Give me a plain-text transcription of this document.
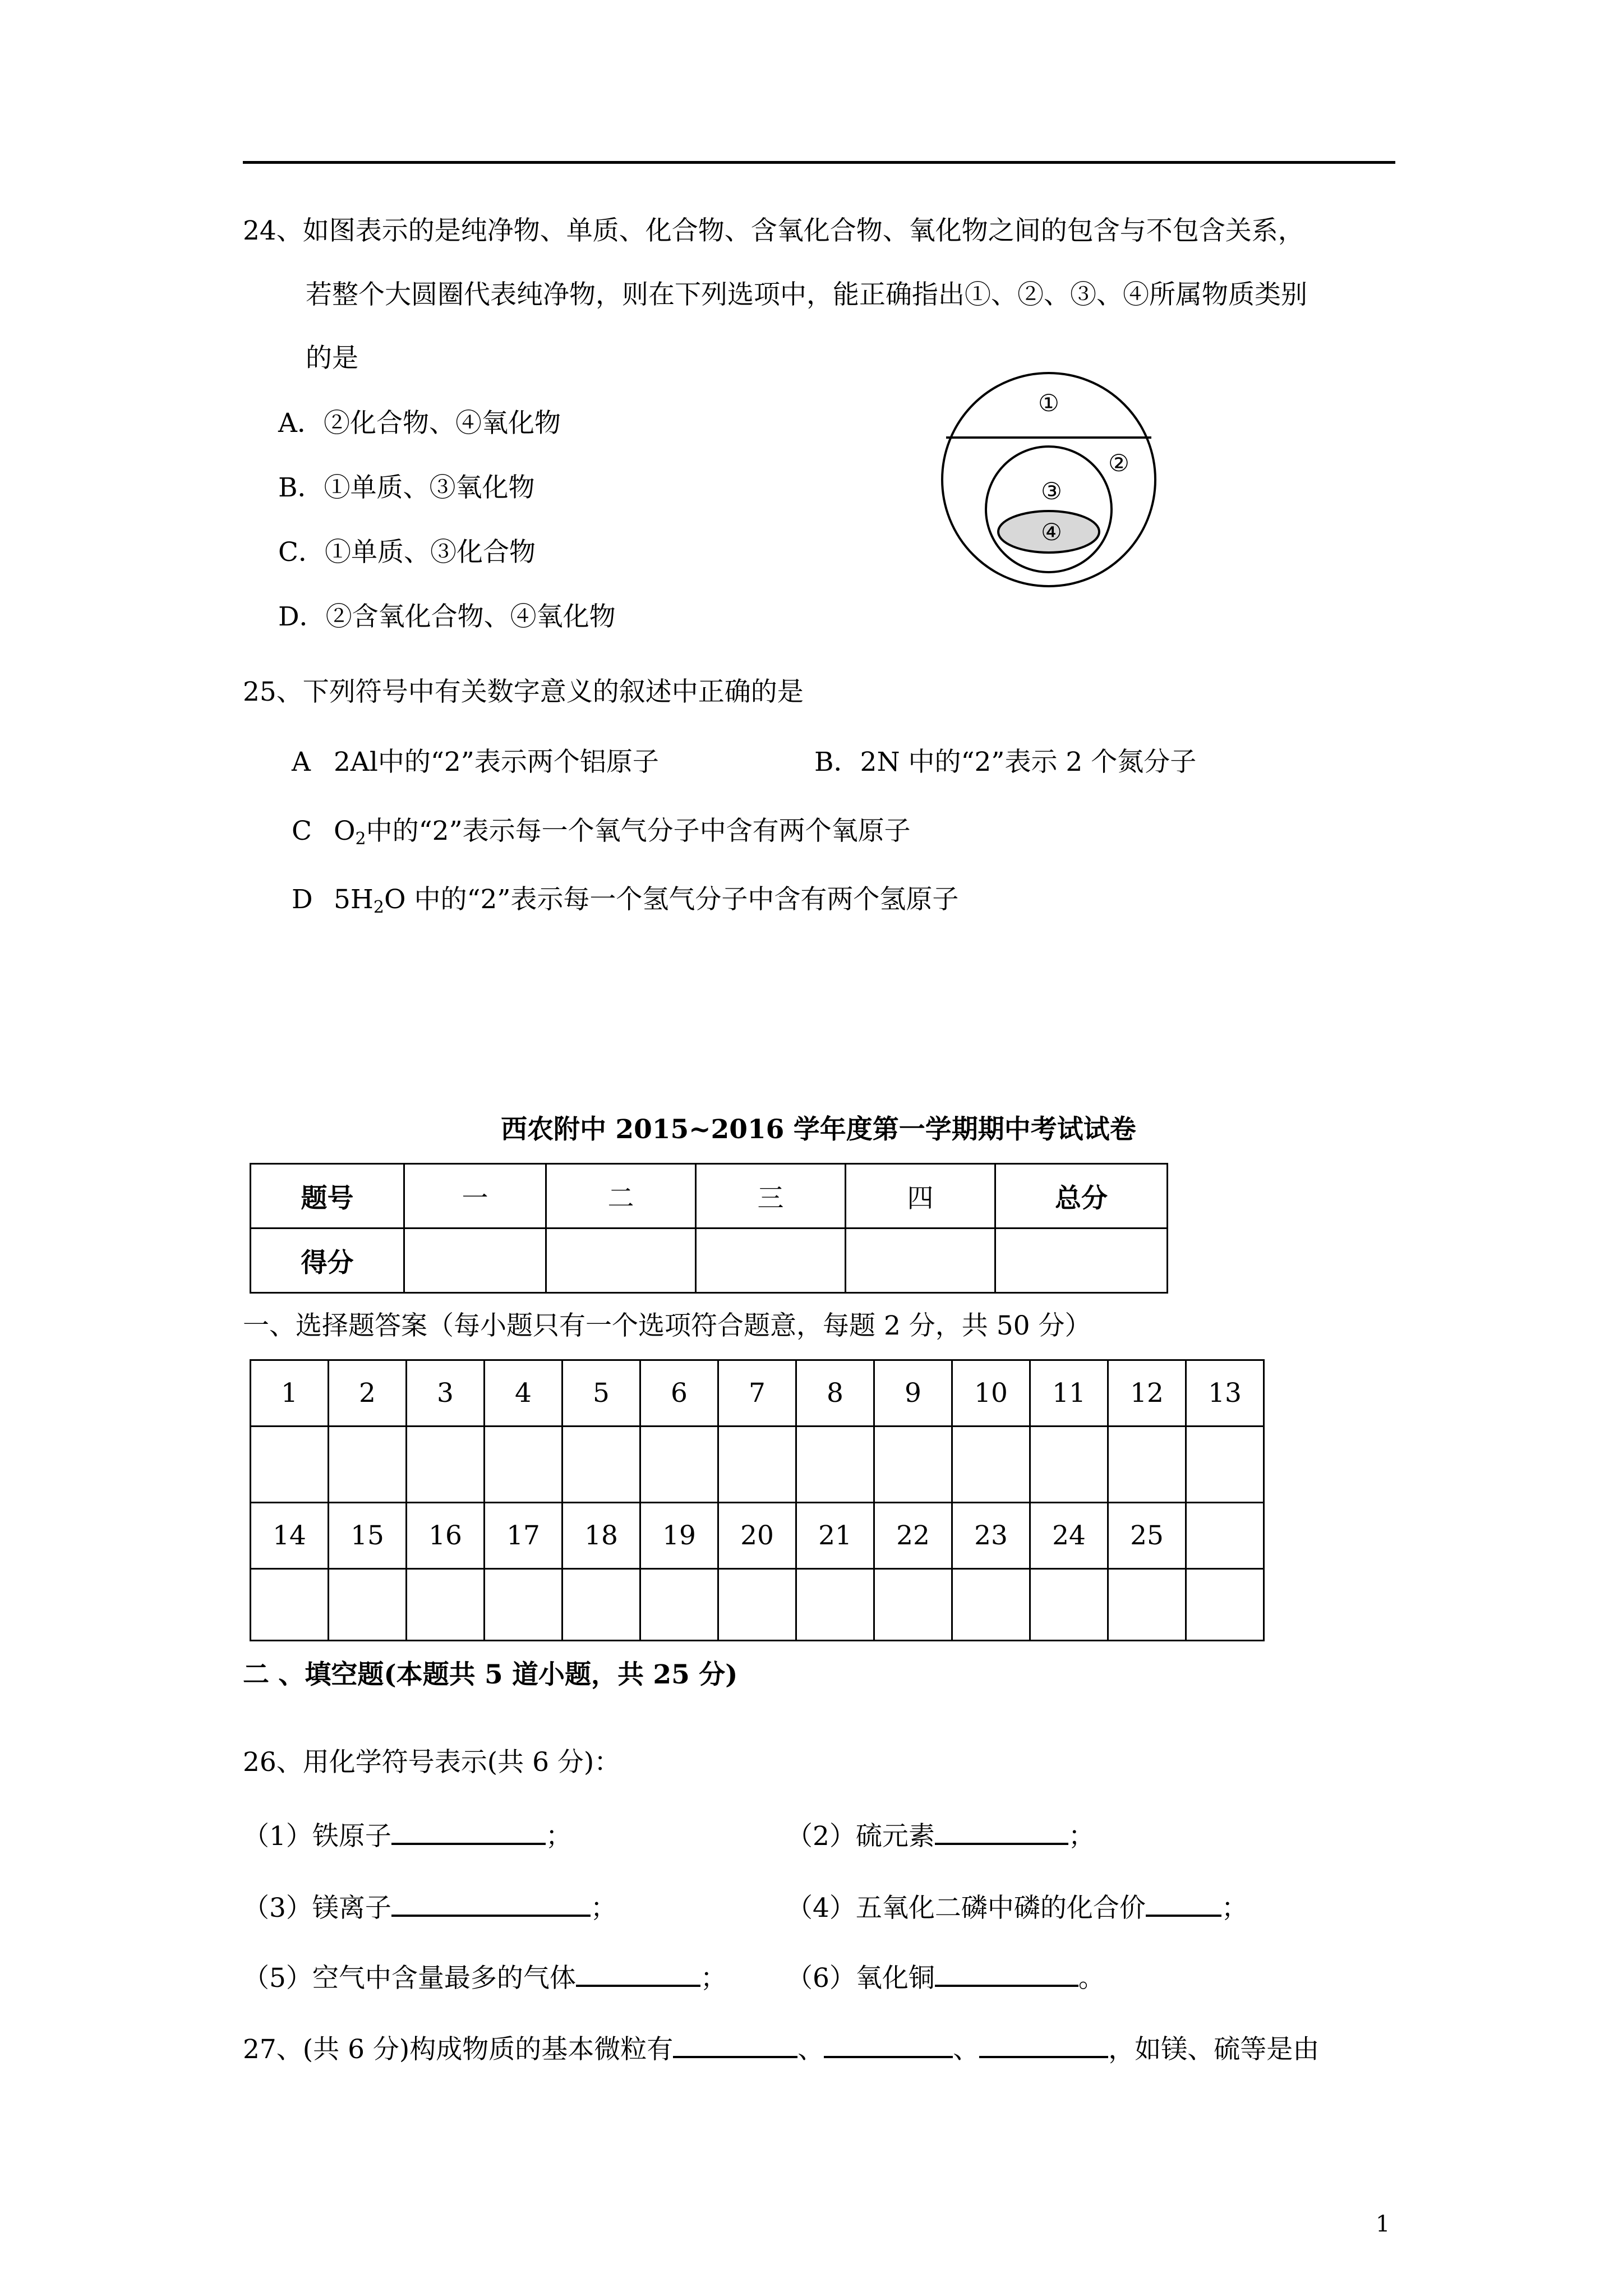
24、如图表示的是纯净物、单质、化合物、含氧化合物、氧化物之间的包含与不包含关系，
若整个大圆圈代表纯净物，则在下列选项中，能正确指出①、②、③、④所属物质类别
的是
A．②化合物、④氧化物
B．①单质、③氧化物
C．①单质、③化合物
D．②含氧化合物、④氧化物
①
②
③
④
25、下列符号中有关数字意义的叙述中正确的是
A 2Al中的“2”表示两个铝原子	B．2N 中的“2”表示 2 个氮分子
C $O_2$中的“2”表示每一个氧气分子中含有两个氧原子
D $5H_2O$ 中的“2”表示每一个氢气分子中含有两个氢原子
西农附中 2015~2016 学年度第一学期期中考试试卷
题号	一	二	三	四	总分
得分					
一、选择题答案（每小题只有一个选项符合题意，每题 2 分，共 50 分）
1	2	3	4	5	6	7	8	9	10	11	12	13

14	15	16	17	18	19	20	21	22	23	24	25	

二 、填空题(本题共 5 道小题，共 25 分)
26、用化学符号表示(共 6 分)：
（1）铁原子	；	（2）硫元素	；
（3）镁离子	；	（4）五氧化二磷中磷的化合价	；
（5）空气中含量最多的气体	； （6）氧化铜	。
27、(共 6 分)构成物质的基本微粒有	、	、	，如镁、硫等是由
1
